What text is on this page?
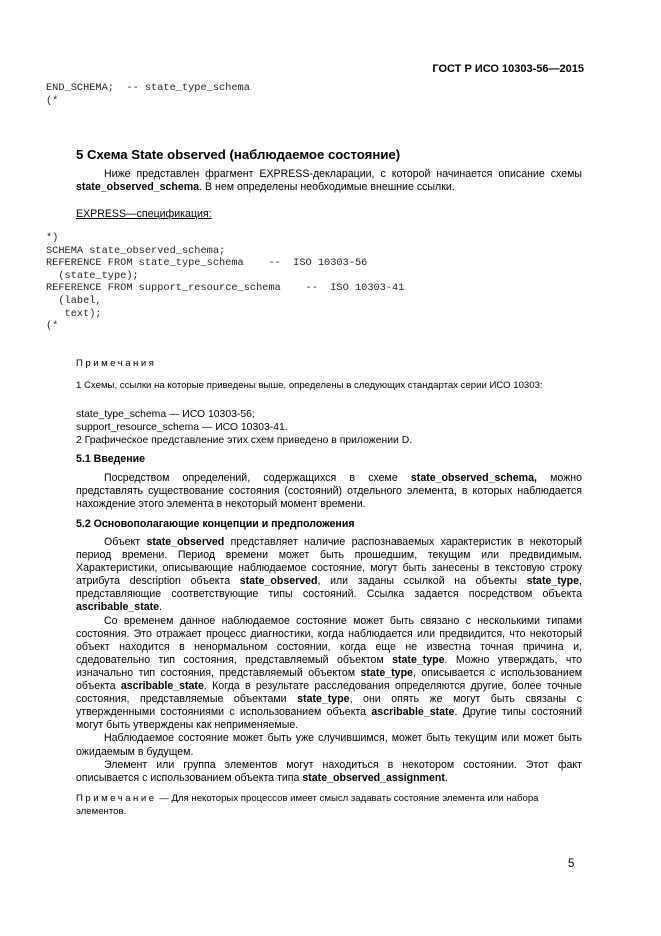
ГОСТ Р ИСО 10303-56—2015
END_SCHEMA;  -- state_type_schema
(*
5 Схема State observed (наблюдаемое состояние)
Ниже представлен фрагмент EXPRESS-декларации, с которой начинается описание схемы
state_observed_schema. В нем определены необходимые внешние ссылки.
EXPRESS—спецификация:
*)
SCHEMA state_observed_schema;
REFERENCE FROM state_type_schema    --  ISO 10303-56
(state_type);
REFERENCE FROM support_resource_schema    --  ISO 10303-41
(label,
text);
(*
Примечания
1 Схемы, ссылки на которые приведены выше, определены в следующих стандартах серии ИСО 10303:
state_type_schema — ИСО 10303-56;
support_resource_schema — ИСО 10303-41.
2 Графическое представление этих схем приведено в приложении D.
5.1 Введение
Посредством определений, содержащихся в схеме state_observed_schema, можно
представлять существование состояния (состояний) отдельного элемента, в которых наблюдается
нахождение этого элемента в некоторый момент времени.
5.2 Основополагающие концепции и предположения
Объект state_observed представляет наличие распознаваемых характеристик в некоторый
период времени. Период времени может быть прошедшим, текущим или предвидимым.
Характеристики, описывающие наблюдаемое состояние, могут быть занесены в текстовую строку
атрибута description объекта state_observed, или заданы ссылкой на объекты state_type,
представляющие соответствующие типы состояний. Ссылка задается посредством объекта
ascribable_state.
Со временем данное наблюдаемое состояние может быть связано с несколькими типами
состояния. Это отражает процесс диагностики, когда наблюдается или предвидится, что некоторый
объект находится в ненормальном состоянии, когда еще не известна точная причина и,
сдедовательно тип состояния, представляемый объектом state_type. Можно утверждать, что
изначально тип состояния, представляемый объектом state_type, описывается с использованием
объекта ascribable_state. Когда в результате расследования определяются другие, более точные
состояния, представляемые объектами state_type, они опять же могут быть связаны с
утвержденными состояниями с использованием объекта ascribable_state. Другие типы состояний
могут быть утверждены как неприменяемые.
Наблюдаемое состояние может быть уже случившимся, может быть текущим или может быть
ожидаемым в будущем.
Элемент или группа элементов могут находиться в некотором состоянии. Этот факт
описывается с использованием объекта типа state_observed_assignment.
Примечание — Для некоторых процессов имеет смысл задавать состояние элемента или набора
элементов.
5
